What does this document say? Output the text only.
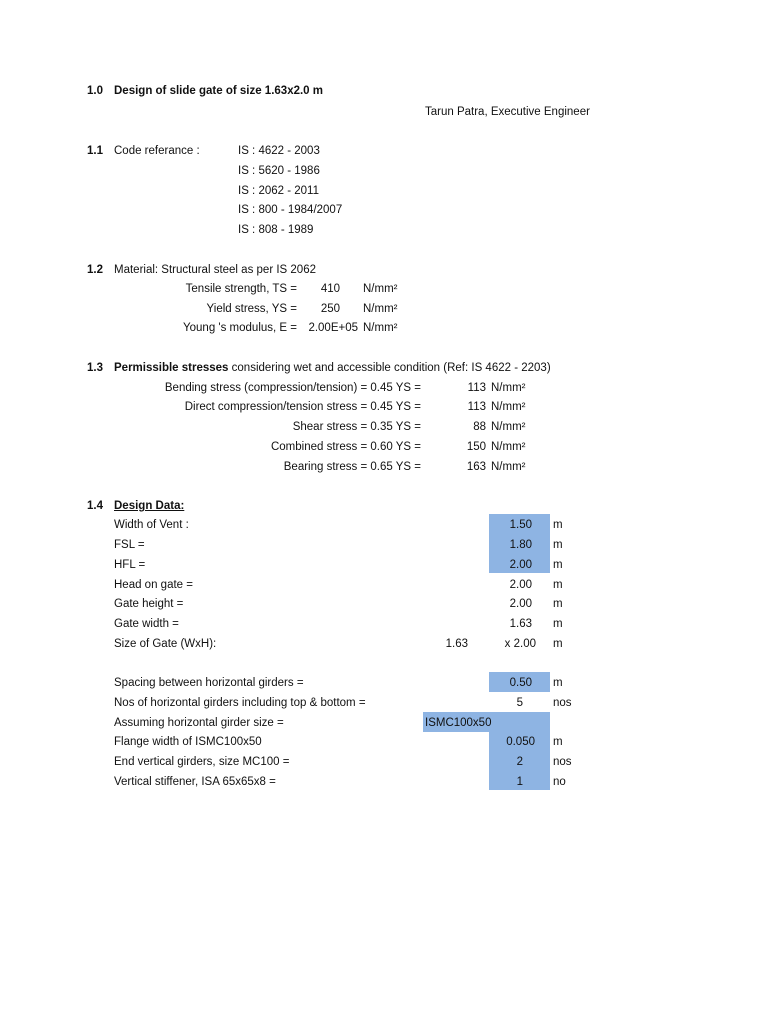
1.0 Design of slide gate of size 1.63x2.0 m
Tarun Patra, Executive Engineer
1.1 Code referance :	IS : 4622 - 2003
IS : 5620 - 1986
IS : 2062 - 2011
IS : 800 - 1984/2007
IS : 808 - 1989
1.2 Material: Structural steel as per IS 2062
Tensile strength, TS =	410 N/mm²
Yield stress, YS =	250 N/mm²
Young 's modulus, E = 2.00E+05 N/mm²
1.3 Permissible stresses considering wet and accessible condition (Ref: IS 4622 - 2203)
Bending stress (compression/tension) = 0.45 YS =	113 N/mm²
Direct compression/tension stress = 0.45 YS =	113 N/mm²
Shear stress = 0.35 YS =	88 N/mm²
Combined stress = 0.60 YS =	150 N/mm²
Bearing stress = 0.65 YS =	163 N/mm²
1.4 Design Data:
Width of Vent :	1.50 m
FSL =	1.80 m
HFL =	2.00 m
Head on gate =	2.00 m
Gate height =	2.00 m
Gate width =	1.63 m
Size of Gate (WxH):	1.63	x 2.00 m
Spacing between horizontal girders =	0.50 m
Nos of horizontal girders including top & bottom =	5	nos
Assuming horizontal girder size =	ISMC100x50
Flange width of ISMC100x50	0.050 m
End vertical girders, size MC100 =	2	nos
Vertical stiffener, ISA 65x65x8 =	1	no
